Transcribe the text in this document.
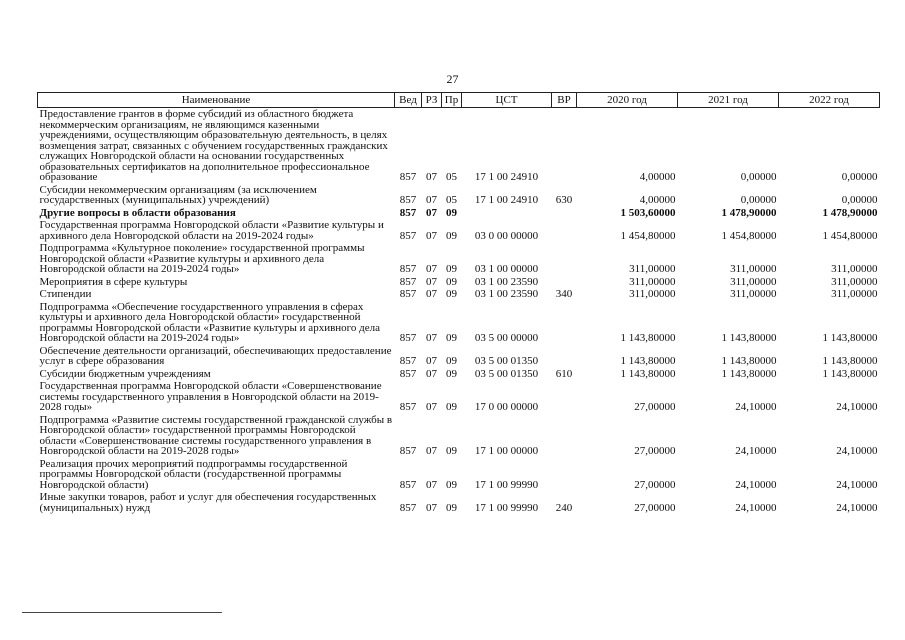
27
Наименование	Вед	РЗ	Пр	ЦСТ	ВР	2020 год	2021 год	2022 год
Предоставление грантов в форме субсидий из областного бюджета некоммерческим организациям, не являющимся казенными учреждениями, осуществляющим образовательную деятельность, в целях возмещения затрат, связанных с обучением государственных гражданских служащих Новгородской области на основании государственных образовательных сертификатов на дополнительное профессиональное образование	857	07	05	17 1 00 24910		4,00000	0,00000	0,00000
Субсидии некоммерческим организациям (за исключением государственных (муниципальных) учреждений)	857	07	05	17 1 00 24910	630	4,00000	0,00000	0,00000
Другие вопросы в области образования	857	07	09			1 503,60000	1 478,90000	1 478,90000
Государственная программа Новгородской области «Развитие культуры и архивного дела Новгородской области на 2019-2024 годы»	857	07	09	03 0 00 00000		1 454,80000	1 454,80000	1 454,80000
Подпрограмма «Культурное поколение» государственной программы Новгородской области «Развитие культуры и архивного дела Новгородской области на 2019-2024 годы»	857	07	09	03 1 00 00000		311,00000	311,00000	311,00000
Мероприятия в сфере культуры	857	07	09	03 1 00 23590		311,00000	311,00000	311,00000
Стипендии	857	07	09	03 1 00 23590	340	311,00000	311,00000	311,00000
Подпрограмма «Обеспечение государственного управления в сферах культуры и архивного дела Новгородской области» государственной программы Новгородской области «Развитие культуры и архивного дела Новгородской области на 2019-2024 годы»	857	07	09	03 5 00 00000		1 143,80000	1 143,80000	1 143,80000
Обеспечение деятельности организаций, обеспечивающих предоставление услуг в сфере образования	857	07	09	03 5 00 01350		1 143,80000	1 143,80000	1 143,80000
Субсидии бюджетным учреждениям	857	07	09	03 5 00 01350	610	1 143,80000	1 143,80000	1 143,80000
Государственная программа Новгородской области «Совершенствование системы государственного управления в Новгородской области на 2019-2028 годы»	857	07	09	17 0 00 00000		27,00000	24,10000	24,10000
Подпрограмма «Развитие системы государственной гражданской службы в Новгородской области» государственной программы Новгородской области «Совершенствование системы государственного управления в Новгородской области на 2019-2028 годы»	857	07	09	17 1 00 00000		27,00000	24,10000	24,10000
Реализация прочих мероприятий подпрограммы государственной программы Новгородской области (государственной программы Новгородской области)	857	07	09	17 1 00 99990		27,00000	24,10000	24,10000
Иные закупки товаров, работ и услуг для обеспечения государственных (муниципальных) нужд	857	07	09	17 1 00 99990	240	27,00000	24,10000	24,10000
